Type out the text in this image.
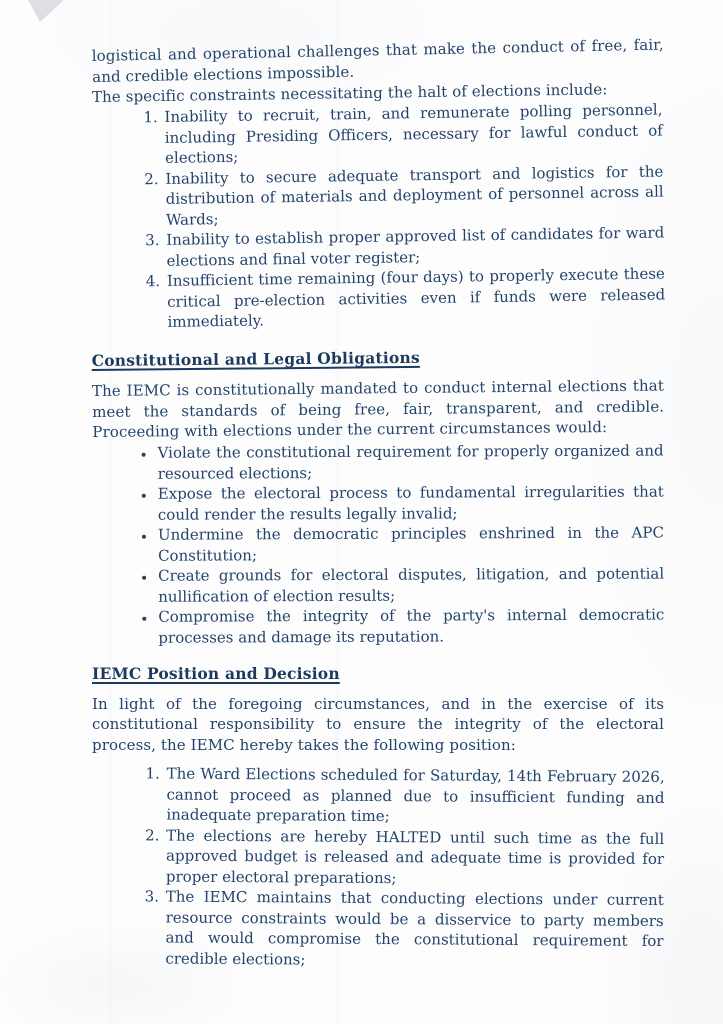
logistical and operational challenges that make the conduct of free, fair, and credible elections impossible.

The specific constraints necessitating the halt of elections include:

1. Inability to recruit, train, and remunerate polling personnel, including Presiding Officers, necessary for lawful conduct of elections;
2. Inability to secure adequate transport and logistics for the distribution of materials and deployment of personnel across all Wards;
3. Inability to establish proper approved list of candidates for ward elections and final voter register;
4. Insufficient time remaining (four days) to properly execute these critical pre-election activities even if funds were released immediately.
Constitutional and Legal Obligations

The IEMC is constitutionally mandated to conduct internal elections that meet the standards of being free, fair, transparent, and credible. Proceeding with elections under the current circumstances would:

• Violate the constitutional requirement for properly organized and resourced elections;
• Expose the electoral process to fundamental irregularities that could render the results legally invalid;
• Undermine the democratic principles enshrined in the APC Constitution;
• Create grounds for electoral disputes, litigation, and potential nullification of election results;
• Compromise the integrity of the party's internal democratic processes and damage its reputation.
IEMC Position and Decision

In light of the foregoing circumstances, and in the exercise of its constitutional responsibility to ensure the integrity of the electoral process, the IEMC hereby takes the following position:

1. The Ward Elections scheduled for Saturday, 14th February 2026, cannot proceed as planned due to insufficient funding and inadequate preparation time;
2. The elections are hereby HALTED until such time as the full approved budget is released and adequate time is provided for proper electoral preparations;
3. The IEMC maintains that conducting elections under current resource constraints would be a disservice to party members and would compromise the constitutional requirement for credible elections;
